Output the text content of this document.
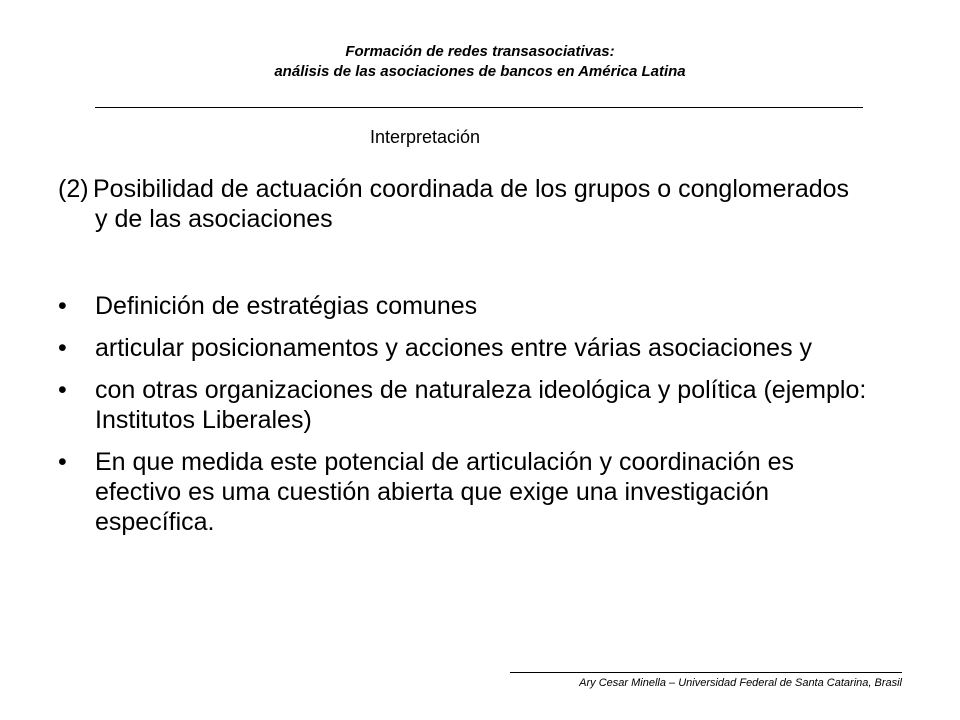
Formación de redes transasociativas:
análisis de las asociaciones de bancos en América Latina
Interpretación
(2) Posibilidad de actuación coordinada de los grupos o conglomerados y de las asociaciones
•	Definición de estratégias comunes
•	articular posicionamentos y acciones entre várias asociaciones y
•	con otras organizaciones de naturaleza ideológica y política (ejemplo: Institutos Liberales)
•	En que medida este potencial de articulación y coordinación es efectivo es uma cuestión abierta que exige una investigación específica.
Ary Cesar Minella – Universidad Federal de Santa Catarina, Brasil
